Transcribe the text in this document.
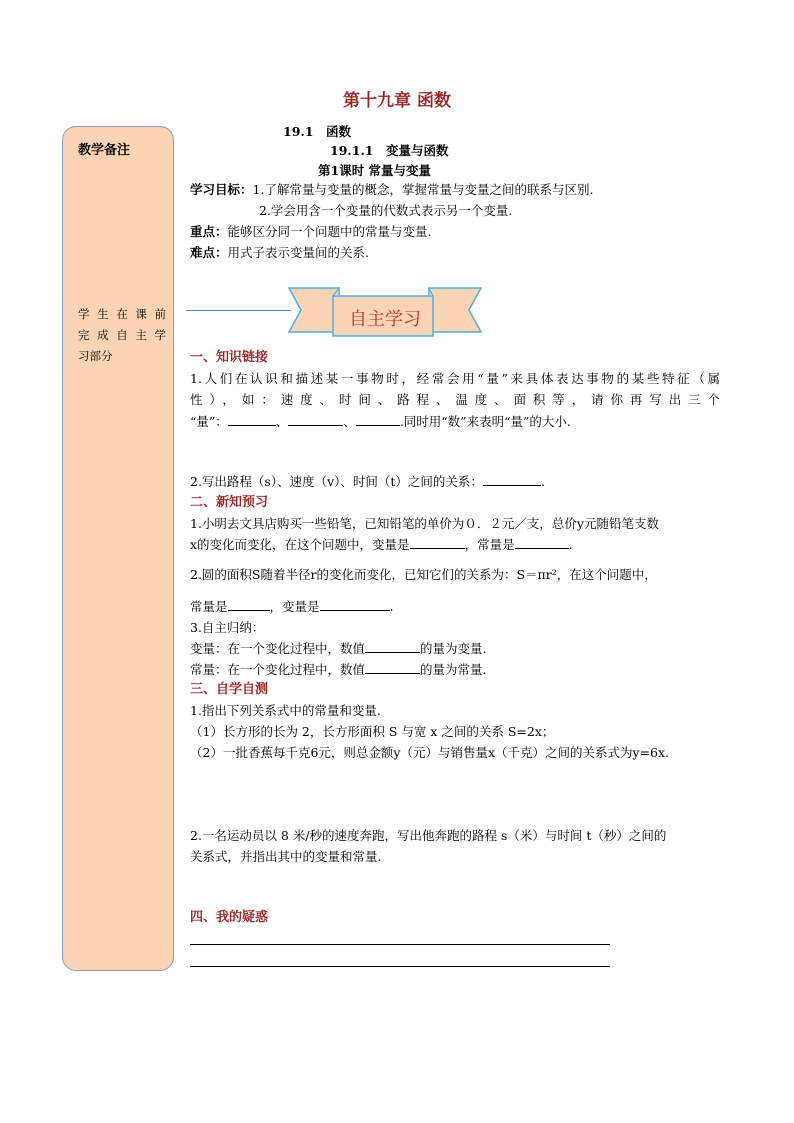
第十九章 函数
教学备注
学生在课前
完成自主学
习部分
19.1　函数
19.1.1　变量与函数
第1课时 常量与变量
学习目标：1.了解常量与变量的概念，掌握常量与变量之间的联系与区别.
2.学会用含一个变量的代数式表示另一个变量.
重点：能够区分同一个问题中的常量与变量.
难点：用式子表示变量间的关系.
自主学习
一、知识链接
1.人们在认识和描述某一事物时，经常会用“量”来具体表达事物的某些特征（属
性），如：速度、时间、路程、温度、面积等，请你再写出三个
“量”：	、	、	.同时用“数”来表明“量”的大小.
2.写出路程（s）、速度（v）、时间（t）之间的关系：	.
二、新知预习
1.小明去文具店购买一些铅笔，已知铅笔的单价为０．２元／支，总价y元随铅笔支数
x的变化而变化，在这个问题中，变量是	，常量是	.
2.圆的面积S随着半径r的变化而变化，已知它们的关系为：S＝πr²，在这个问题中，
常量是	，变量是	.
3.自主归纳：
变量：在一个变化过程中，数值	的量为变量.
常量：在一个变化过程中，数值	的量为常量.
三、自学自测
1.指出下列关系式中的常量和变量.
（1）长方形的长为 2，长方形面积 S 与宽 x 之间的关系 S=2x；
（2）一批香蕉每千克6元，则总金额y（元）与销售量x（千克）之间的关系式为y=6x.
2.一名运动员以 8 米/秒的速度奔跑，写出他奔跑的路程 s（米）与时间 t（秒）之间的
关系式，并指出其中的变量和常量.
四、我的疑惑
